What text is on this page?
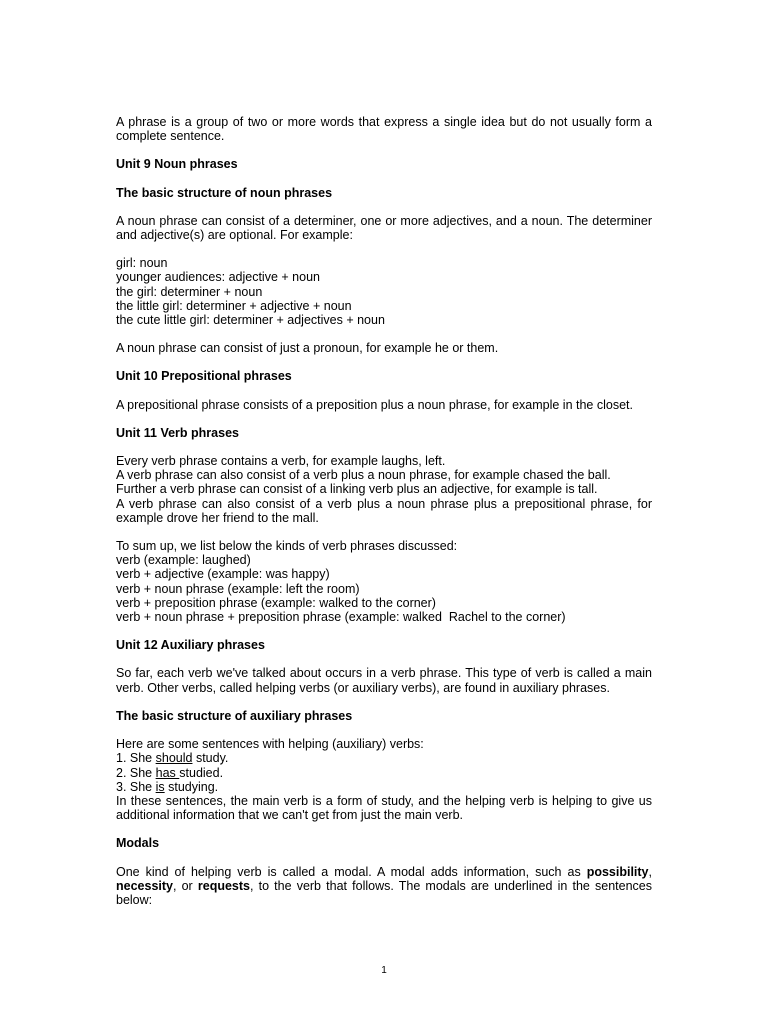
A phrase is a group of two or more words that express a single idea but do not usually form a complete sentence.

Unit 9 Noun phrases

The basic structure of noun phrases

A noun phrase can consist of a determiner, one or more adjectives, and a noun. The determiner and adjective(s) are optional. For example:

girl: noun

younger audiences: adjective + noun

the girl: determiner + noun

the little girl: determiner + adjective + noun

the cute little girl: determiner + adjectives + noun

A noun phrase can consist of just a pronoun, for example he or them.

Unit 10 Prepositional phrases

A prepositional phrase consists of a preposition plus a noun phrase, for example in the closet.

Unit 11 Verb phrases

Every verb phrase contains a verb, for example laughs, left.

A verb phrase can also consist of a verb plus a noun phrase, for example chased the ball.

Further a verb phrase can consist of a linking verb plus an adjective, for example is tall.

A verb phrase can also consist of a verb plus a noun phrase plus a prepositional phrase, for example drove her friend to the mall.

To sum up, we list below the kinds of verb phrases discussed:

verb (example: laughed)

verb + adjective (example: was happy)

verb + noun phrase (example: left the room)

verb + preposition phrase (example: walked to the corner)

verb + noun phrase + preposition phrase (example: walked  Rachel to the corner)

Unit 12 Auxiliary phrases

So far, each verb we've talked about occurs in a verb phrase. This type of verb is called a main verb. Other verbs, called helping verbs (or auxiliary verbs), are found in auxiliary phrases.

The basic structure of auxiliary phrases

Here are some sentences with helping (auxiliary) verbs:

1. She should study.

2. She has studied.

3. She is studying.

In these sentences, the main verb is a form of study, and the helping verb is helping to give us additional information that we can't get from just the main verb.

Modals

One kind of helping verb is called a modal. A modal adds information, such as possibility, necessity, or requests, to the verb that follows. The modals are underlined in the sentences below:

1
